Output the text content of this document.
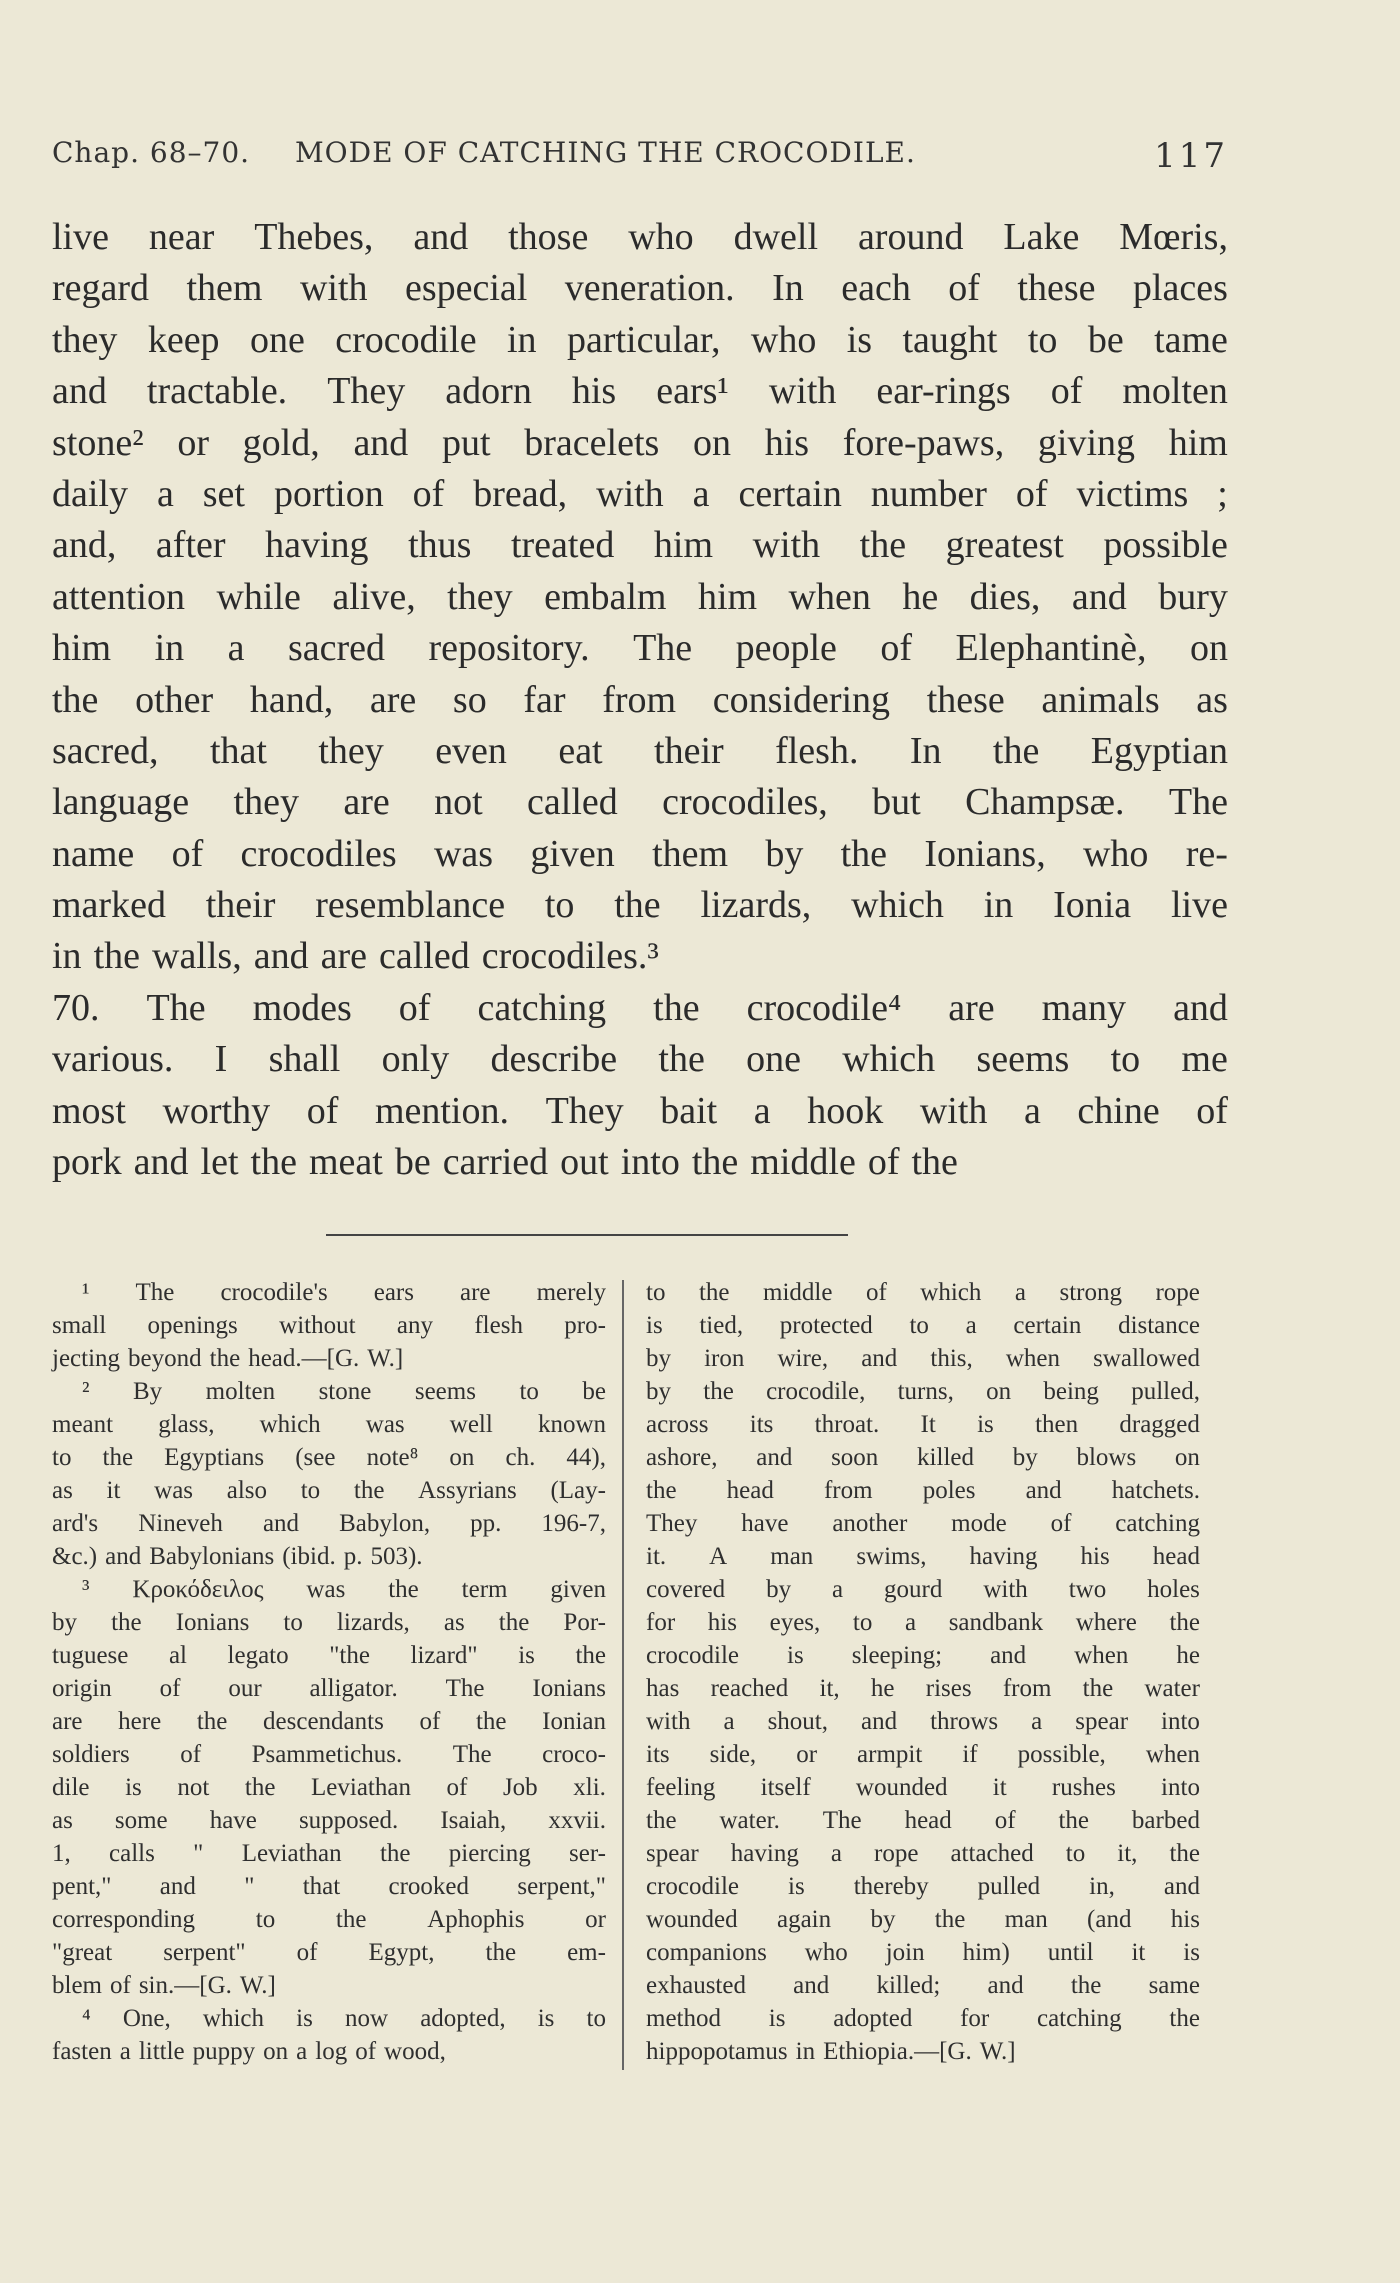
Chap. 68–70. MODE OF CATCHING THE CROCODILE.	117
live near Thebes, and those who dwell around Lake Mœris,
regard them with especial veneration. In each of these places
they keep one crocodile in particular, who is taught to be tame
and tractable. They adorn his ears¹ with ear-rings of molten
stone² or gold, and put bracelets on his fore-paws, giving him
daily a set portion of bread, with a certain number of victims ;
and, after having thus treated him with the greatest possible
attention while alive, they embalm him when he dies, and bury
him in a sacred repository. The people of Elephantinè, on
the other hand, are so far from considering these animals as
sacred, that they even eat their flesh. In the Egyptian
language they are not called crocodiles, but Champsæ. The
name of crocodiles was given them by the Ionians, who re-
marked their resemblance to the lizards, which in Ionia live
in the walls, and are called crocodiles.³
70. The modes of catching the crocodile⁴ are many and
various. I shall only describe the one which seems to me
most worthy of mention. They bait a hook with a chine of
pork and let the meat be carried out into the middle of the
¹ The crocodile's ears are merely
small openings without any flesh pro-
jecting beyond the head.—[G. W.]
² By molten stone seems to be
meant glass, which was well known
to the Egyptians (see note⁸ on ch. 44),
as it was also to the Assyrians (Lay-
ard's Nineveh and Babylon, pp. 196-7,
&c.) and Babylonians (ibid. p. 503).
³ Κροκόδειλος was the term given
by the Ionians to lizards, as the Por-
tuguese al legato "the lizard" is the
origin of our alligator. The Ionians
are here the descendants of the Ionian
soldiers of Psammetichus. The croco-
dile is not the Leviathan of Job xli.
as some have supposed. Isaiah, xxvii.
1, calls " Leviathan the piercing ser-
pent," and " that crooked serpent,"
corresponding to the Aphophis or
"great serpent" of Egypt, the em-
blem of sin.—[G. W.]
⁴ One, which is now adopted, is to
fasten a little puppy on a log of wood,
to the middle of which a strong rope
is tied, protected to a certain distance
by iron wire, and this, when swallowed
by the crocodile, turns, on being pulled,
across its throat. It is then dragged
ashore, and soon killed by blows on
the head from poles and hatchets.
They have another mode of catching
it. A man swims, having his head
covered by a gourd with two holes
for his eyes, to a sandbank where the
crocodile is sleeping; and when he
has reached it, he rises from the water
with a shout, and throws a spear into
its side, or armpit if possible, when
feeling itself wounded it rushes into
the water. The head of the barbed
spear having a rope attached to it, the
crocodile is thereby pulled in, and
wounded again by the man (and his
companions who join him) until it is
exhausted and killed; and the same
method is adopted for catching the
hippopotamus in Ethiopia.—[G. W.]
